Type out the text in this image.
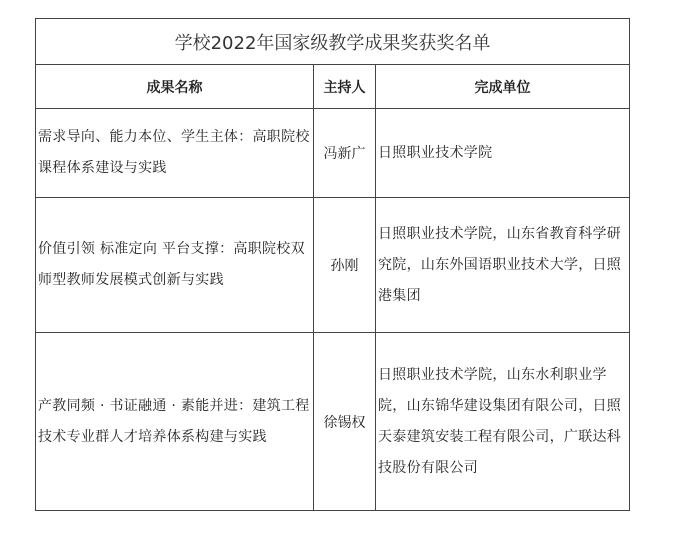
学校2022年国家级教学成果奖获奖名单		
成果名称	主持人	完成单位
需求导向、能力本位、学生主体：高职院校课程体系建设与实践	冯新广	日照职业技术学院
价值引领 标准定向 平台支撑：高职院校双师型教师发展模式创新与实践	孙刚	日照职业技术学院，山东省教育科学研究院，山东外国语职业技术大学，日照港集团
产教同频 · 书证融通 · 素能并进：建筑工程技术专业群人才培养体系构建与实践	徐锡权	日照职业技术学院，山东水利职业学院，山东锦华建设集团有限公司，日照天泰建筑安装工程有限公司，广联达科技股份有限公司
